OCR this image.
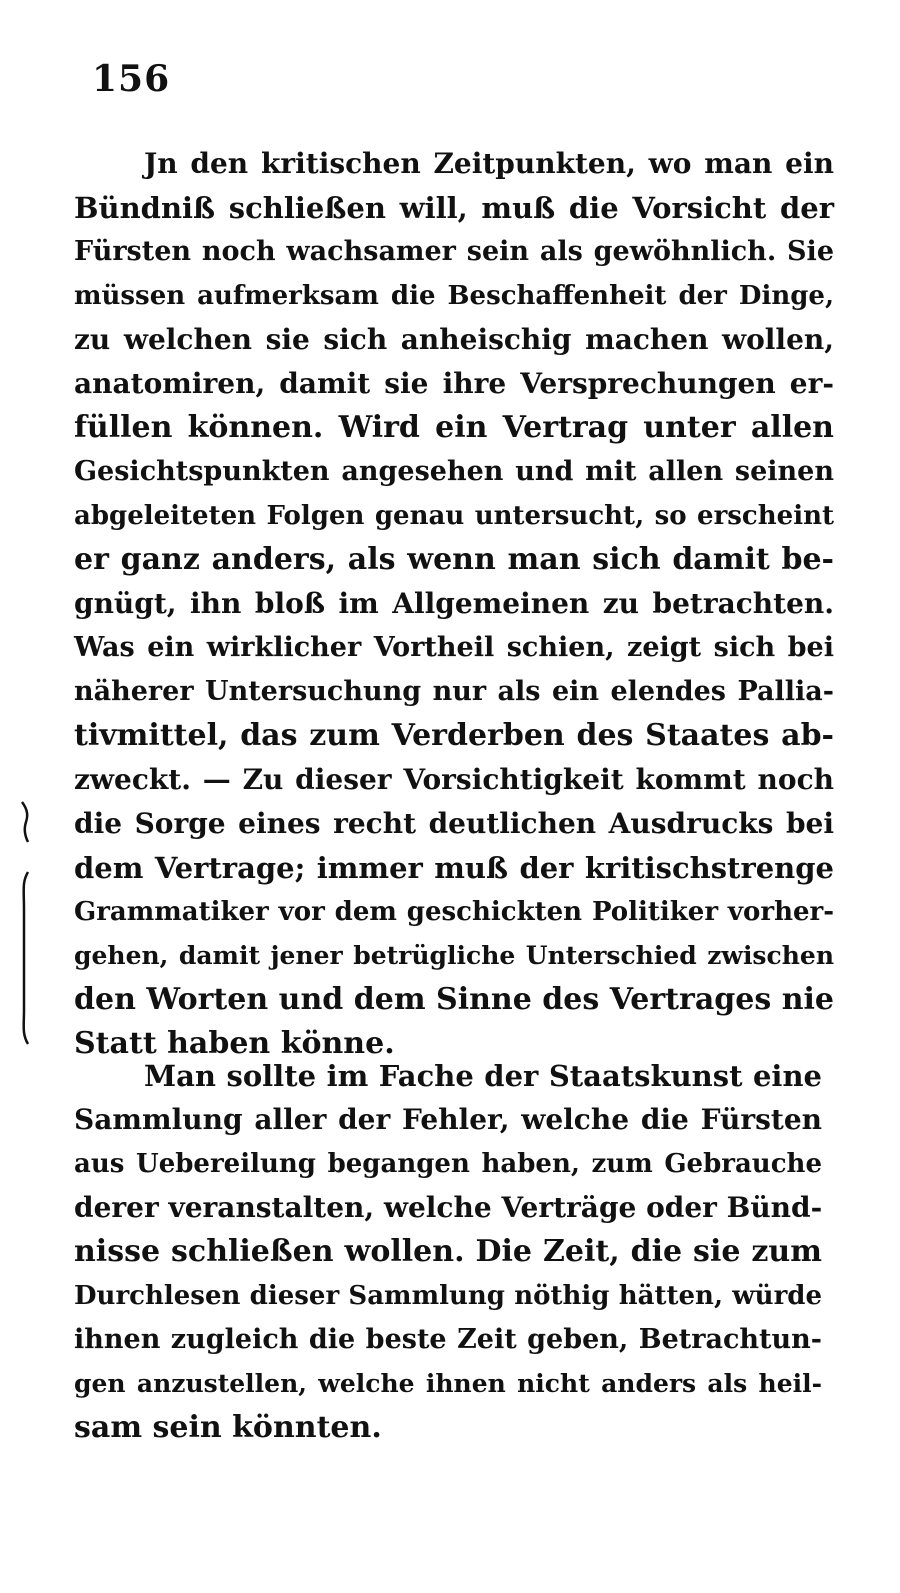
156
Jn den kritischen Zeitpunkten, wo man ein
Bündniß schließen will, muß die Vorsicht der
Fürsten noch wachsamer sein als gewöhnlich. Sie
müssen aufmerksam die Beschaffenheit der Dinge,
zu welchen sie sich anheischig machen wollen,
anatomiren, damit sie ihre Versprechungen er-
füllen können. Wird ein Vertrag unter allen
Gesichtspunkten angesehen und mit allen seinen
abgeleiteten Folgen genau untersucht, so erscheint
er ganz anders, als wenn man sich damit be-
gnügt, ihn bloß im Allgemeinen zu betrachten.
Was ein wirklicher Vortheil schien, zeigt sich bei
näherer Untersuchung nur als ein elendes Pallia-
tivmittel, das zum Verderben des Staates ab-
zweckt. — Zu dieser Vorsichtigkeit kommt noch
die Sorge eines recht deutlichen Ausdrucks bei
dem Vertrage; immer muß der kritischstrenge
Grammatiker vor dem geschickten Politiker vorher-
gehen, damit jener betrügliche Unterschied zwischen
den Worten und dem Sinne des Vertrages nie
Statt haben könne.
Man sollte im Fache der Staatskunst eine
Sammlung aller der Fehler, welche die Fürsten
aus Uebereilung begangen haben, zum Gebrauche
derer veranstalten, welche Verträge oder Bünd-
nisse schließen wollen. Die Zeit, die sie zum
Durchlesen dieser Sammlung nöthig hätten, würde
ihnen zugleich die beste Zeit geben, Betrachtun-
gen anzustellen, welche ihnen nicht anders als heil-
sam sein könnten.
